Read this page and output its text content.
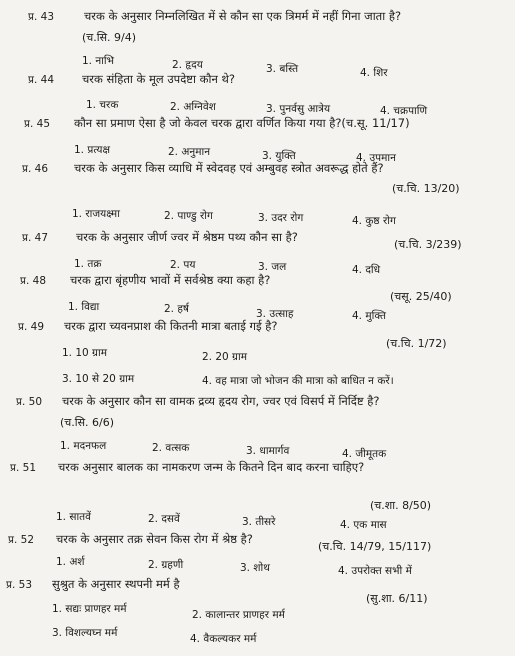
प्र. 43	चरक के अनुसार निम्नलिखित में से कौन सा एक त्रिमर्म में नहीं गिना जाता है?
(च.सि. 9/4)
1. नाभि	2. हृदय	3. बस्ति	4. शिर
प्र. 44 चरक संहिता के मूल उपदेष्टा कौन थे?
1. चरक	2. अग्निवेश	3. पुनर्वसु आत्रेय	4. चक्रपाणि
प्र. 45 कौन सा प्रमाण ऐसा है जो केवल चरक द्वारा वर्णित किया गया है?(च.सू. 11/17)
1. प्रत्यक्ष	2. अनुमान	3. युक्ति	4. उपमान
प्र. 46 चरक के अनुसार किस व्याधि में स्वेदवह एवं अम्बुवह स्त्रोत अवरूद्ध होते हैं?
(च.चि. 13/20)
1. राजयक्ष्मा	2. पाण्डु रोग	3. उदर रोग	4. कुष्ठ रोग
प्र. 47 चरक के अनुसार जीर्ण ज्वर में श्रेष्ठम पथ्य कौन सा है?
(च.चि. 3/239)
1. तक्र	2. पय	3. जल	4. दधि
प्र. 48 चरक द्वारा बृंहणीय भावों में सर्वश्रेष्ठ क्या कहा है?
(चसू. 25/40)
1. विद्या	2. हर्ष	3. उत्साह	4. मुक्ति
प्र. 49 चरक द्वारा च्यवनप्राश की कितनी मात्रा बताई गई है?
(च.चि. 1/72)
1. 10 ग्राम	2. 20 ग्राम
3. 10 से 20 ग्राम	4. वह मात्रा जो भोजन की मात्रा को बाधित न करें।
प्र. 50 चरक के अनुसार कौन सा वामक द्रव्य हृदय रोग, ज्वर एवं विसर्प में निर्दिष्ट है?
(च.सि. 6/6)
1. मदनफल	2. वत्सक	3. धामार्गव	4. जीमूतक
प्र. 51 चरक अनुसार बालक का नामकरण जन्म के कितने दिन बाद करना चाहिए?
(च.शा. 8/50)
1. सातवें	2. दसवें	3. तीसरे	4. एक मास
प्र. 52 चरक के अनुसार तक्र सेवन किस रोग में श्रेष्ठ है?
(च.चि. 14/79, 15/117)
1. अर्श	2. ग्रहणी	3. शोथ	4. उपरोक्त सभी में
प्र. 53 सुश्रुत के अनुसार स्थपनी मर्म है
(सु.शा. 6/11)
1. सद्यः प्राणहर मर्म	2. कालान्तर प्राणहर मर्म
3. विशल्यघ्न मर्म	4. वैकल्यकर मर्म
